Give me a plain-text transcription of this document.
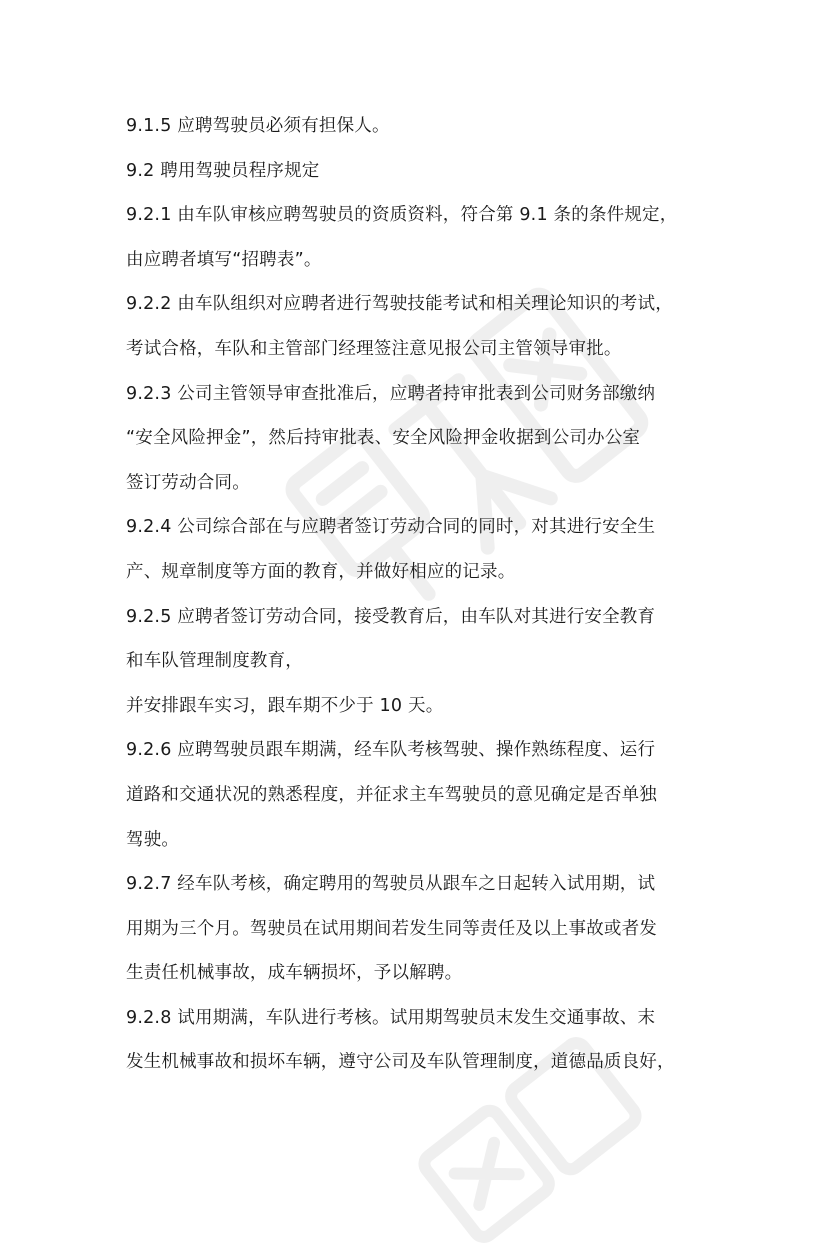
9.1.5 应聘驾驶员必须有担保人。
9.2 聘用驾驶员程序规定
9.2.1 由车队审核应聘驾驶员的资质资料，符合第 9.1 条的条件规定，
由应聘者填写“招聘表”。
9.2.2 由车队组织对应聘者进行驾驶技能考试和相关理论知识的考试，
考试合格，车队和主管部门经理签注意见报公司主管领导审批。
9.2.3 公司主管领导审查批准后，应聘者持审批表到公司财务部缴纳
“安全风险押金”，然后持审批表、安全风险押金收据到公司办公室
签订劳动合同。
9.2.4 公司综合部在与应聘者签订劳动合同的同时，对其进行安全生
产、规章制度等方面的教育，并做好相应的记录。
9.2.5 应聘者签订劳动合同，接受教育后，由车队对其进行安全教育
和车队管理制度教育，
并安排跟车实习，跟车期不少于 10 天。
9.2.6 应聘驾驶员跟车期满，经车队考核驾驶、操作熟练程度、运行
道路和交通状况的熟悉程度，并征求主车驾驶员的意见确定是否单独
驾驶。
9.2.7 经车队考核，确定聘用的驾驶员从跟车之日起转入试用期，试
用期为三个月。驾驶员在试用期间若发生同等责任及以上事故或者发
生责任机械事故，成车辆损坏，予以解聘。
9.2.8 试用期满，车队进行考核。试用期驾驶员末发生交通事故、末
发生机械事故和损坏车辆，遵守公司及车队管理制度，道德品质良好，
